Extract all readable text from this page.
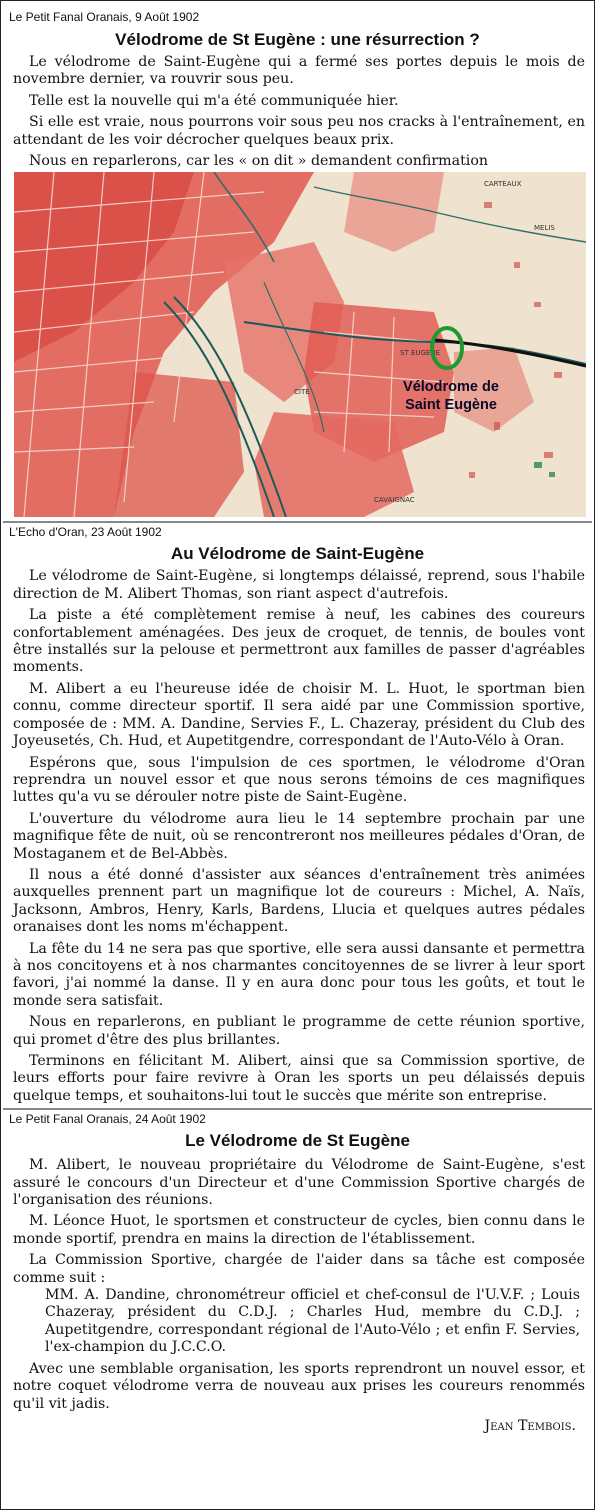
Le Petit Fanal Oranais, 9 Août 1902
Vélodrome de St Eugène : une résurrection ?

Le vélodrome de Saint-Eugène qui a fermé ses portes depuis le mois de novembre dernier, va rouvrir sous peu.

Telle est la nouvelle qui m'a été communiquée hier.

Si elle est vraie, nous pourrons voir sous peu nos cracks à l'entraînement, en attendant de les voir décrocher quelques beaux prix.

Nous en reparlerons, car les « on dit » demandent confirmation

ST EUGENE
CARTEAUX
MELIS
CITE
CAVAIGNAC
Vélodrome de
Saint Eugène
L'Echo d'Oran, 23 Août 1902
Au Vélodrome de Saint-Eugène

Le vélodrome de Saint-Eugène, si longtemps délaissé, reprend, sous l'habile direction de M. Alibert Thomas, son riant aspect d'autrefois.

La piste a été complètement remise à neuf, les cabines des coureurs confortablement aménagées. Des jeux de croquet, de tennis, de boules vont être installés sur la pelouse et permettront aux familles de passer d'agréables moments.

M. Alibert a eu l'heureuse idée de choisir M. L. Huot, le sportman bien connu, comme directeur sportif. Il sera aidé par une Commission sportive, composée de : MM. A. Dandine, Servies F., L. Chazeray, président du Club des Joyeusetés, Ch. Hud, et Aupetitgendre, correspondant de l'Auto-Vélo à Oran.

Espérons que, sous l'impulsion de ces sportmen, le vélodrome d'Oran reprendra un nouvel essor et que nous serons témoins de ces magnifiques luttes qu'a vu se dérouler notre piste de Saint-Eugène.

L'ouverture du vélodrome aura lieu le 14 septembre prochain par une magnifique fête de nuit, où se rencontreront nos meilleures pédales d'Oran, de Mostaganem et de Bel-Abbès.

Il nous a été donné d'assister aux séances d'entraînement très animées auxquelles prennent part un magnifique lot de coureurs : Michel, A. Naïs, Jacksonn, Ambros, Henry, Karls, Bardens, Llucia et quelques autres pédales oranaises dont les noms m'échappent.

La fête du 14 ne sera pas que sportive, elle sera aussi dansante et permettra à nos concitoyens et à nos charmantes concitoyennes de se livrer à leur sport favori, j'ai nommé la danse. Il y en aura donc pour tous les goûts, et tout le monde sera satisfait.

Nous en reparlerons, en publiant le programme de cette réunion sportive, qui promet d'être des plus brillantes.

Terminons en félicitant M. Alibert, ainsi que sa Commission sportive, de leurs efforts pour faire revivre à Oran les sports un peu délaissés depuis quelque temps, et souhaitons-lui tout le succès que mérite son entreprise.

Le Petit Fanal Oranais, 24 Août 1902
Le Vélodrome de St Eugène

M. Alibert, le nouveau propriétaire du Vélodrome de Saint-Eugène, s'est assuré le concours d'un Directeur et d'une Commission Sportive chargés de l'organisation des réunions.

M. Léonce Huot, le sportsmen et constructeur de cycles, bien connu dans le monde sportif, prendra en mains la direction de l'établissement.

La Commission Sportive, chargée de l'aider dans sa tâche est composée comme suit :

MM. A. Dandine, chronométreur officiel et chef-consul de l'U.V.F. ; Louis Chazeray, président du C.D.J. ; Charles Hud, membre du C.D.J. ; Aupetitgendre, correspondant régional de l'Auto-Vélo ; et enfin F. Servies, l'ex-champion du J.C.C.O.

Avec une semblable organisation, les sports reprendront un nouvel essor, et notre coquet vélodrome verra de nouveau aux prises les coureurs renommés qu'il vit jadis.

Jean Tembois.
